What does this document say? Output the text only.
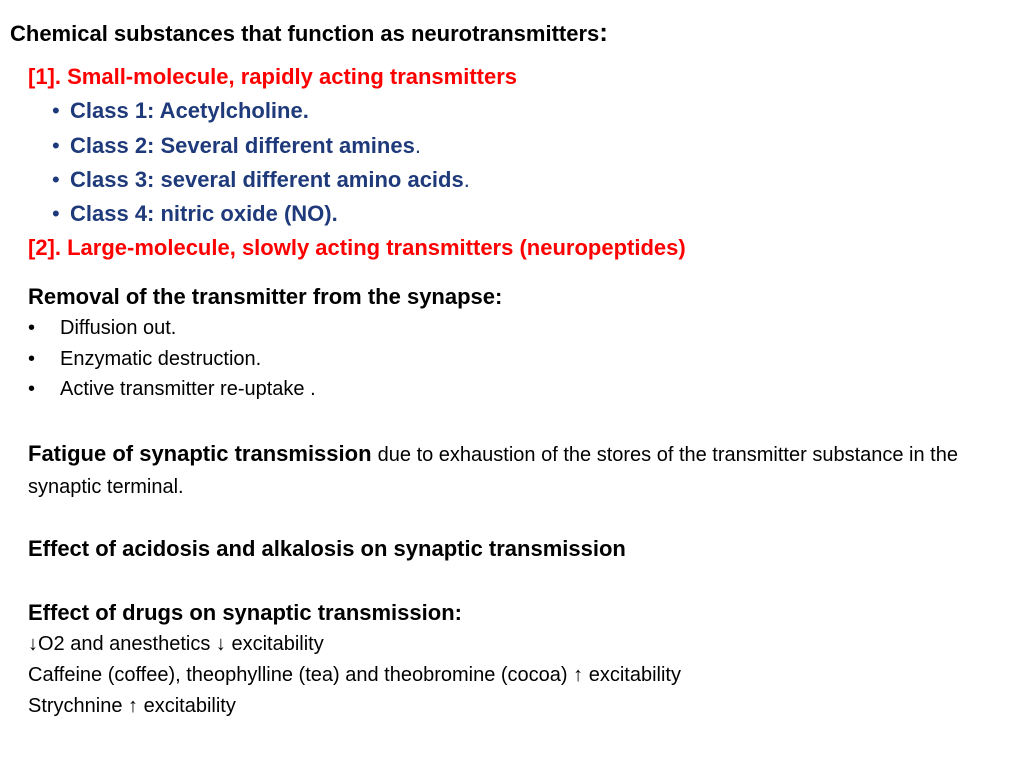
Chemical substances that function as neurotransmitters:
[1]. Small-molecule, rapidly acting transmitters
• Class 1: Acetylcholine.
• Class 2: Several different amines.
• Class 3: several different amino acids.
• Class 4: nitric oxide (NO).
[2]. Large-molecule, slowly acting transmitters (neuropeptides)
Removal of the transmitter from the synapse:
• Diffusion out.
• Enzymatic destruction.
• Active transmitter re-uptake .
Fatigue of synaptic transmission due to exhaustion of the stores of the transmitter substance in the synaptic terminal.
Effect of acidosis and alkalosis on synaptic transmission
Effect of drugs on synaptic transmission:
↓O2 and anesthetics ↓ excitability
Caffeine (coffee), theophylline (tea) and theobromine (cocoa) ↑ excitability
Strychnine ↑ excitability
